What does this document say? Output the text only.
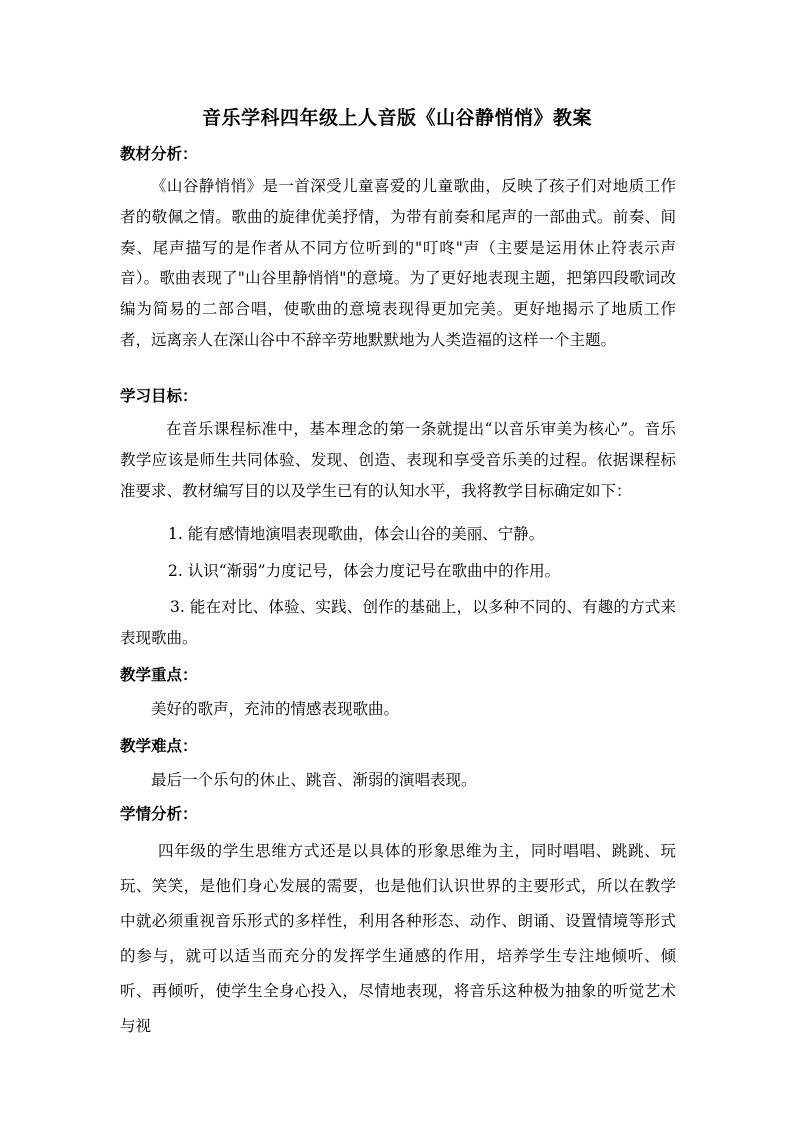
音乐学科四年级上人音版《山谷静悄悄》教案
教材分析：
《山谷静悄悄》是一首深受儿童喜爱的儿童歌曲，反映了孩子们对地质工作者的敬佩之情。歌曲的旋律优美抒情，为带有前奏和尾声的一部曲式。前奏、间奏、尾声描写的是作者从不同方位听到的"叮咚"声（主要是运用休止符表示声音）。歌曲表现了"山谷里静悄悄"的意境。为了更好地表现主题，把第四段歌词改编为简易的二部合唱，使歌曲的意境表现得更加完美。更好地揭示了地质工作者，远离亲人在深山谷中不辞辛劳地默默地为人类造福的这样一个主题。
学习目标：
在音乐课程标准中，基本理念的第一条就提出“以音乐审美为核心”。音乐教学应该是师生共同体验、发现、创造、表现和享受音乐美的过程。依据课程标准要求、教材编写目的以及学生已有的认知水平，我将教学目标确定如下：
1. 能有感情地演唱表现歌曲，体会山谷的美丽、宁静。
2. 认识“渐弱”力度记号，体会力度记号在歌曲中的作用。
3. 能在对比、体验、实践、创作的基础上，以多种不同的、有趣的方式来表现歌曲。
教学重点：
美好的歌声，充沛的情感表现歌曲。
教学难点：
最后一个乐句的休止、跳音、渐弱的演唱表现。
学情分析：
四年级的学生思维方式还是以具体的形象思维为主，同时唱唱、跳跳、玩玩、笑笑，是他们身心发展的需要，也是他们认识世界的主要形式，所以在教学中就必须重视音乐形式的多样性，利用各种形态、动作、朗诵、设置情境等形式的参与，就可以适当而充分的发挥学生通感的作用，培养学生专注地倾听、倾听、再倾听，使学生全身心投入，尽情地表现，将音乐这种极为抽象的听觉艺术与视
